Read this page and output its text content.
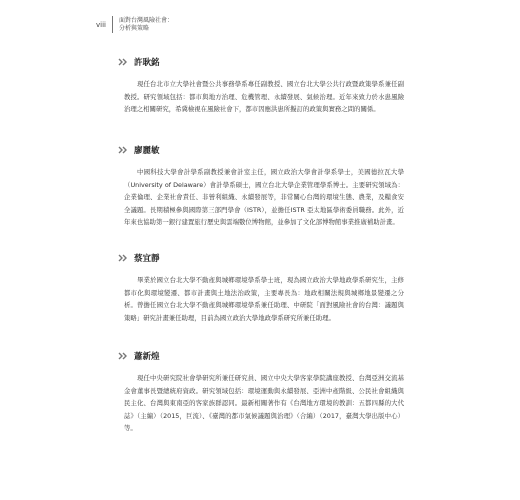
viii
面對台灣風險社會：
分析與策略
許耿銘

現任台北市立大學社會暨公共事務學系專任副教授、國立台北大學公共行政暨政策學系兼任副教授。研究領域包括：都市與地方治理、危機管理、永續發展、氣候治理。近年來致力於水患風險治理之相關研究，希冀檢視在風險社會下，都市因應洪患所擬訂的政策與實務之問的關係。

廖麗敏

中國科技大學會計學系副教授兼會計室主任，國立政治大學會計學系學士，美國德拉瓦大學（University of Delaware）會計學系碩士，國立台北大學企業管理學系博士。主要研究領域為：企業倫理、企業社會責任、非營利組織、永續發展等，非常關心台灣的環境生態、農業，及糧食安全議題。長期積極參與國際第三部門學會（ISTR），並擔任ISTR 亞太地區學術委員職務。此外，近年來也協助第一銀行建置旅行歷史與雲端數位博物館，並參加了文化部博物館事業推廣補助計畫。

蔡宜靜

畢業於國立台北大學不動產與城鄉環境學系學士班，現為國立政治大學地政學系研究生，主修都市化與環境變遷、都市計畫與土地法治政策，主要專長為：地政相關法規與城鄉地景變遷之分析。曾擔任國立台北大學不動產與城鄉環境學系兼任助理、中研院「面對風險社會的台灣：議題與策略」研究計畫兼任助理，目前為國立政治大學地政學系研究所兼任助理。

蕭新煌

現任中央研究院社會學研究所兼任研究員、國立中央大學客家學院講座教授、台灣亞洲交流基金會董事長暨總統府資政。研究領域包括：環境運動與永續發展、亞洲中產階級、公民社會組織與民主化、台灣與東南亞的客家族群認同。最新相關著作有《台灣地方環境的教訓：五都四縣的大代誌》（主編）（2015，巨流）、《臺灣的都市氣候議題與治理》（合編）（2017，臺灣大學出版中心）等。
